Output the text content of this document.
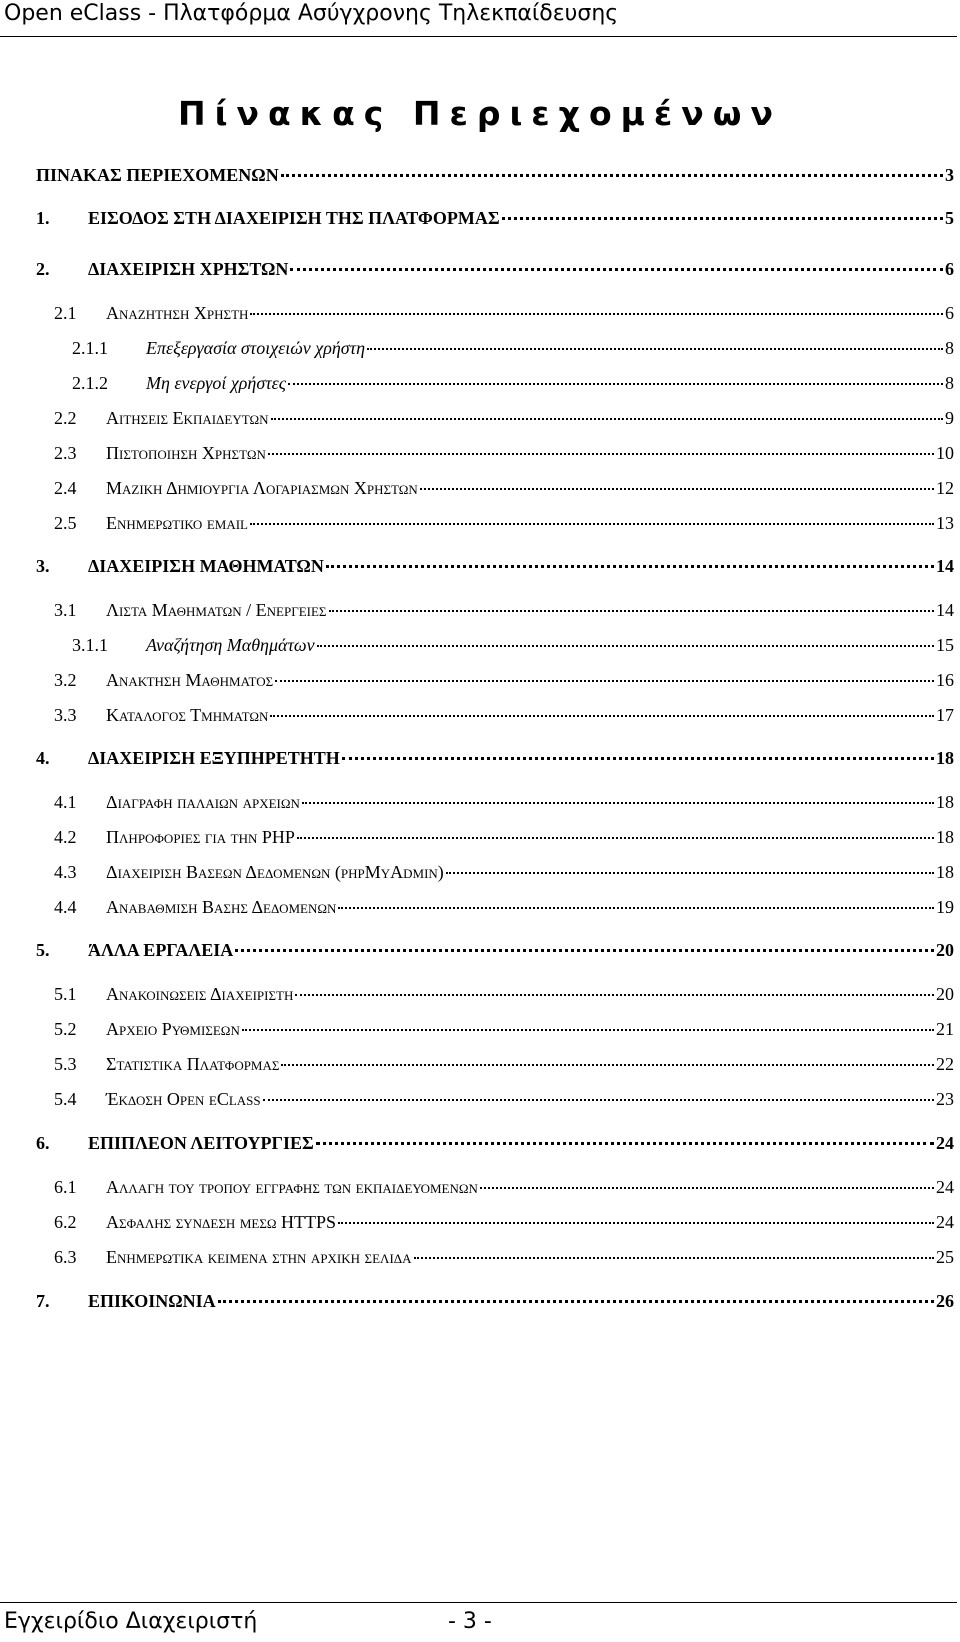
Open eClass - Πλατφόρμα Ασύγχρονης Τηλεκπαίδευσης
Πίνακας Περιεχομένων
ΠΙΝΑΚΑΣ ΠΕΡΙΕΧΟΜΕΝΩΝ	3
1. ΕΙΣΟΔΟΣ ΣΤΗ ΔΙΑΧΕΙΡΙΣΗ ΤΗΣ ΠΛΑΤΦΟΡΜΑΣ	5
2. ΔΙΑΧΕΙΡΙΣΗ ΧΡΗΣΤΩΝ	6
2.1 Αναζητηση Χρηστη	6
2.1.1 Επεξεργασία στοιχειών χρήστη	8
2.1.2 Μη ενεργοί χρήστες	8
2.2 Αιτησεις Εκπαιδευτων	9
2.3 Πιστοποιηση Χρηστων	10
2.4 Μαζικη Δημιουργια Λογαριασμων Χρηστων	12
2.5 Ενημερωτικο email	13
3. ΔΙΑΧΕΙΡΙΣΗ ΜΑΘΗΜΑΤΩΝ	14
3.1 Λιστα Μαθηματων / Ενεργειες	14
3.1.1 Αναζήτηση Μαθημάτων	15
3.2 Ανακτηση Μαθηματος	16
3.3 Καταλογος Τμηματων	17
4. ΔΙΑΧΕΙΡΙΣΗ ΕΞΥΠΗΡΕΤΗΤΗ	18
4.1 Διαγραφη παλαιων αρχειων	18
4.2 Πληροφοριες για την PHP	18
4.3 Διαχειριση Βασεων Δεδομενων (phpMyAdmin)	18
4.4 Αναβαθμιση Βασης Δεδομενων	19
5. ΆΛΛΑ ΕΡΓΑΛΕΙΑ	20
5.1 Ανακοινωσεις Διαχειριστη	20
5.2 Αρχειο Ρυθμισεων	21
5.3 Στατιστικα Πλατφορμας	22
5.4 Έκδοση Open eClass	23
6. ΕΠΙΠΛΕΟΝ ΛΕΙΤΟΥΡΓΙΕΣ	24
6.1 Αλλαγη του τροπου εγγραφης των εκπαιδευομενων	24
6.2 Ασφαλης συνδεση μεσω HTTPS	24
6.3 Ενημερωτικα κειμενα στην αρχικη σελιδα	25
7. ΕΠΙΚΟΙΝΩΝΙΑ	26
Εγχειρίδιο Διαχειριστή	- 3 -
